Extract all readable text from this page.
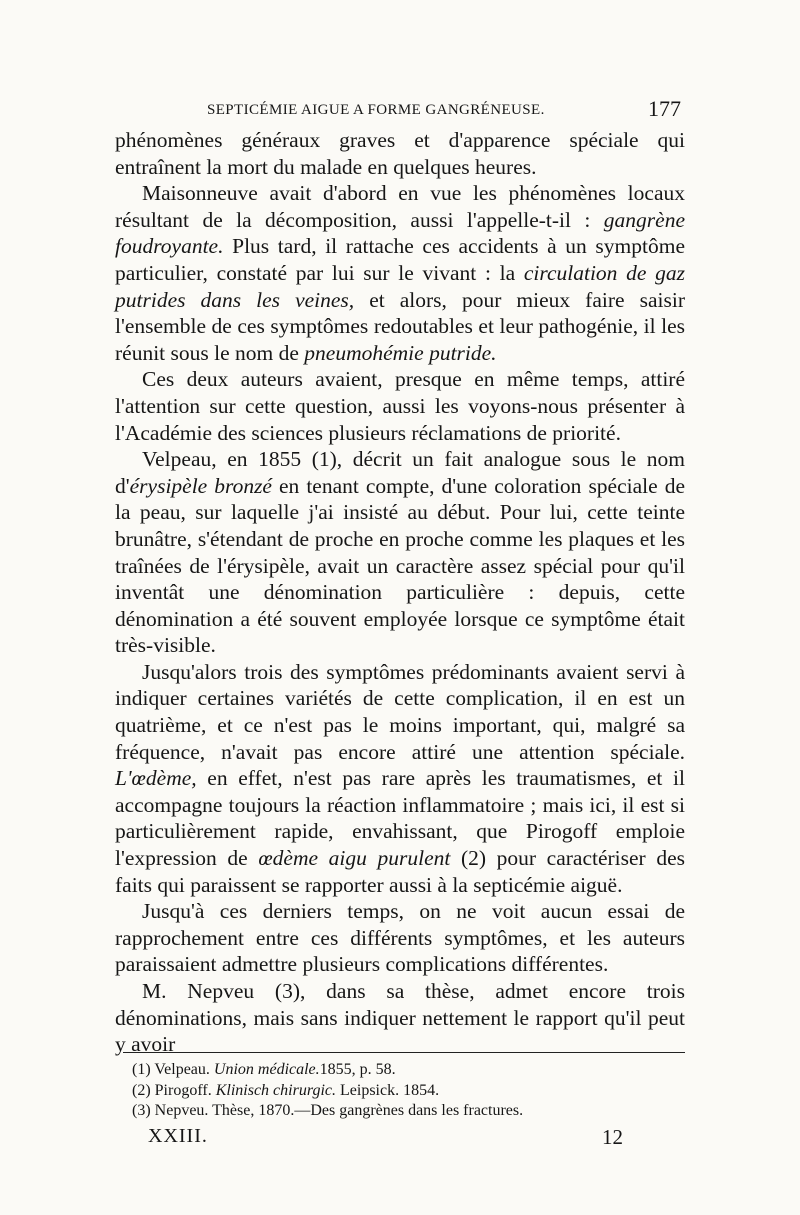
SEPTICÉMIE AIGUE A FORME GANGRÉNEUSE.	177

phénomènes généraux graves et d'apparence spéciale qui entraînent la mort du malade en quelques heures.

Maisonneuve avait d'abord en vue les phénomènes locaux résultant de la décomposition, aussi l'appelle-t-il : gangrène foudroyante. Plus tard, il rattache ces accidents à un symptôme particulier, constaté par lui sur le vivant : la circulation de gaz putrides dans les veines, et alors, pour mieux faire saisir l'ensemble de ces symptômes redoutables et leur pathogénie, il les réunit sous le nom de pneumohémie putride.

Ces deux auteurs avaient, presque en même temps, attiré l'attention sur cette question, aussi les voyons-nous présenter à l'Académie des sciences plusieurs réclamations de priorité.

Velpeau, en 1855 (1), décrit un fait analogue sous le nom d'érysipèle bronzé en tenant compte, d'une coloration spéciale de la peau, sur laquelle j'ai insisté au début. Pour lui, cette teinte brunâtre, s'étendant de proche en proche comme les plaques et les traînées de l'érysipèle, avait un caractère assez spécial pour qu'il inventât une dénomination particulière : depuis, cette dénomination a été souvent employée lorsque ce symptôme était très-visible.

Jusqu'alors trois des symptômes prédominants avaient servi à indiquer certaines variétés de cette complication, il en est un quatrième, et ce n'est pas le moins important, qui, malgré sa fréquence, n'avait pas encore attiré une attention spéciale. L'œdème, en effet, n'est pas rare après les traumatismes, et il accompagne toujours la réaction inflammatoire ; mais ici, il est si particulièrement rapide, envahissant, que Pirogoff emploie l'expression de œdème aigu purulent (2) pour caractériser des faits qui paraissent se rapporter aussi à la septicémie aiguë.

Jusqu'à ces derniers temps, on ne voit aucun essai de rapprochement entre ces différents symptômes, et les auteurs paraissaient admettre plusieurs complications différentes.

M. Nepveu (3), dans sa thèse, admet encore trois dénominations, mais sans indiquer nettement le rapport qu'il peut y avoir

(1) Velpeau. Union médicale.1855, p. 58.
(2) Pirogoff. Klinisch chirurgic. Leipsick. 1854.
(3) Nepveu. Thèse, 1870.—Des gangrènes dans les fractures.
XXIII.	12
